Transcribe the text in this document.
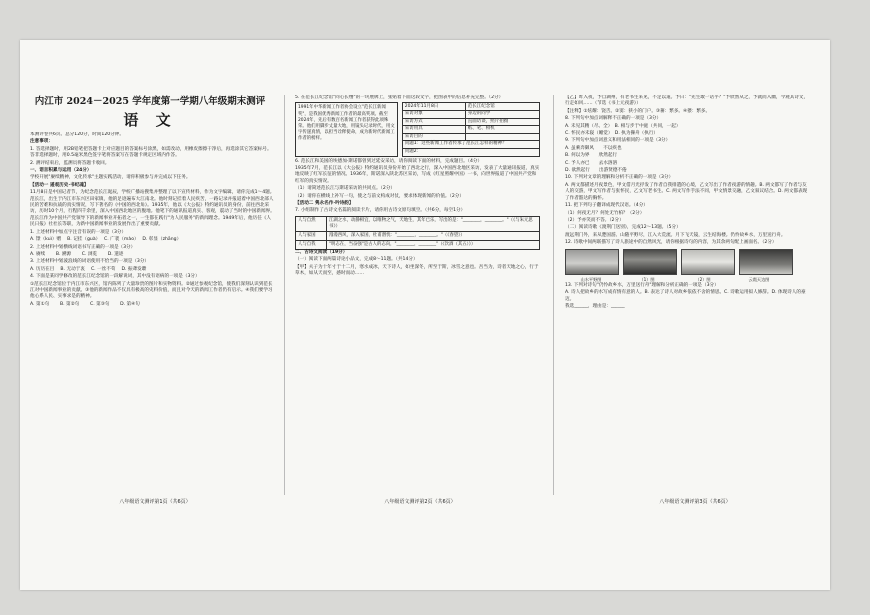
内江市 2024－2025 学年度第一学期八年级期末测评
语 文

本测评卷共6页。总分120分，时间120分钟。

注意事项：

1. 答选择题时，用2B铅笔把答题卡上对应题目的答案标号涂黑，如需改动，用橡皮擦擦干净后，再选涂其它答案标号。答非选择题时，用0.5毫米黑色签字笔将答案写在答题卡规定区域内作答。

2. 测评结束后，监测员将答题卡收回。

一、语言积累与运用（24分）

学校开展"赓续精神，文化传承"主题实践活动，请你积极参与并完成以下任务。

【活动一 遥观历史·书纪魂】

11月8日是中国记者节，为纪念范长江诞辰，学校广播站搜集并整理了以下宣传材料，作为文字编辑，请你完成1～4题。范长江，出生于内江市东兴区田家镇，他的足迹遍布大江南北。他时刻记挂着人民疾苦，一路记录并报道着中国西北部人民的苦难和抗战的真实情况，写下著名的《中国的西北角》。1935年，他以《大公报》特约通讯员的身份，前往西北采访，历时10个月，行程四千余里，深入中国西北地区的腹地。他笔下的通讯报道真实、客观，震动了当时的中国新闻界。范长江作为中国共产党领导下的新闻事业开拓者之一，一生都在践行"为人民服务"的新闻理念。1949年后，他历任《人民日报》社社长等职，为新中国新闻事业的发展作出了重要贡献。

1. 上述材料中加点字注音有误的一项是（3分）

A. 馈（kuì）赠　 B. 记挂（guà）　 C. 广袤（mào）　 D. 彰显（zhāng）

2. 上述材料中划横线词语书写正确的一项是（3分）

A. 赓续　　 B. 溯源　　 C. 浏览　　 D. 遗迹

3. 上述材料中划波浪线的词语使用不恰当的一项是（3分）

A. 历历在目　 B. 无动于衷　 C. 一丝不苟　 D. 振聋发聩

4. 下面是某同学修改的范长江纪念馆的一段解说词，其中没有语病的一项是（3分）

①范长江纪念馆位于内江市东兴区，馆内陈列了大量珍贵的图片和实物资料。②通过参观纪念馆，使我们深刻认识到范长江对中国新闻事业的贡献。③他的新闻作品不仅具有极高的史料价值，而且对今天的新闻工作者仍有启示。④我们要学习他心系人民、实事求是的精神。

A. 第①句　　 B. 第②句　　 C. 第③句　　 D. 第④句

八年级语文测评第1页（共6页）

5. 在范长江纪念馆"同心长缨"的一块展牌上，张贴着下面这段文字，把图表中的信息补充完整。（2分）

1991年中华新闻工作者协会设立"范长江新闻奖"，是我国优秀新闻工作者的最高奖项。截至2024年，先后有数百名新闻工作者获得此项殊荣。他们用脚步丈量大地，用镜头记录时代，用文字传递真情，以担当诠释使命，成为新时代新闻工作者的榜样。
2024年11月8日	范长江纪念馆
采访对象	身边的同学
采访方式	直面访谈，照片拍摄
采访用具	纸、笔、相机
采访目的	
问题1：这些新闻工作者传承了范长江怎样的精神？	
问题2：	

6. 范长江和美国的埃德加·斯诺都曾到过延安采访，请你阅读下面的材料，完成题目。（4分）

1935年7月，范长江以《大公报》特约通讯员身份开始了西北之行，深入中国西北地区采访，发表了大量通讯报道，真实地反映了红军长征的情况。1936年，斯诺深入陕北苏区采访，写成《红星照耀中国》一书，向世界报道了中国共产党和红军的真实情况。

（1）请简述范长江与斯诺采访的共同点。（2分）

（2）请你在横线上补写一句，使之与前文构成对仗，要求体现新闻的价值。（2分）

【活动二 隽永名作·吟诗韵】

7. 小组制作了古诗文名篇的阅读卡片，请你用古诗文原句填空。（共6分，每空1分）

人与自然	江湖之水，动静相宜，以唯物之气，天地生，其年已乐，写出的是："________，________。"（《与朱元思书》）
人与家国	漫漫西风，深入家国，杜甫潜忧："________，________。"（《春望》）
人与自我	"明志在，当奋强"是古人的志向，"________，________"（《饮酒（其五）》）

二、古诗文阅读（19分）

（一）阅读下面两篇诗论小品文，完成8～11题。（共14分）

【甲】夫子为十年寸于十二月，寒水成冰，天下诗人，如坐深冬，所至于斯，冰雪之意也。吾当为，诗者天地之心，行于草木，如从天而至，感时而动……

八年级语文测评第2页（共6页）

【乙】昨入夜，予自湖州，有老书生来见，不足以道。予曰："先生敢一话乎？"予欣然从之，予就而入幽，今观其诗文，行走如风……（节选《书上元夜游》）

【注释】①炫耀：饶舌。②窦：狭小的门户。③蕃：繁多。④猥：繁多。

8. 下列句中加点词解释不正确的一项是（3分）

A. 未见其精（尽、全）　 B. 相与步于中庭（共同，一起）

C. 怀民亦未寝（睡觉）　 D. 执为操舟（执行）

9. 下列句中加点词意义和用法相同的一项是（3分）

A. 虽乘奔御风　　 不以疾也

B. 何以为界　　 欣然起行

C. 予人亦已　　 去水溶溶

D. 欲然起行　　 出游贤德不倦

10. 下列对文章的理解和分析不正确的一项是（3分）

A. 两文都描述月夜景色，甲文借月光抒发了作者自我排遣的心境，乙文写出了作者夜游的情趣。B. 两文都写了作者与友人的交游，甲文写作者与张怀民，乙文写老书生。C. 两文写作手法不同，甲文情景交融，乙文叙议结合。D. 两文都表现了作者豁达的胸怀。

11. 把下列句子翻译成现代汉语。（4分）

（1）何夜无月？何处无竹柏？（2分）

（2）予亦笑而不答。（2分）

（二）阅读诗歌《渡荆门送别》，完成12～13题。（5分）

渡远荆门外，来从楚国游。山随平野尽，江入大荒流。月下飞天镜，云生结海楼。仍怜故乡水，万里送行舟。

12. 诗歌中间两联描写了诗人旅途中的自然风光，请你根据诗句的内容，为其余两句配上画面名。（2分）

山水平野图	（1）图	（2）图	云霞天边图

13. 下列对诗句"仍怜故乡水，万里送行舟"理解和分析正确的一项是（3分）

A. 诗人把故乡的水写成有情有意的人。B. 表达了诗人对故乡依依不舍的情思。C. 诗歌运用拟人修辞。D. 体现诗人的豪迈。

我选______，理由是：______

八年级语文测评第3页（共6页）
